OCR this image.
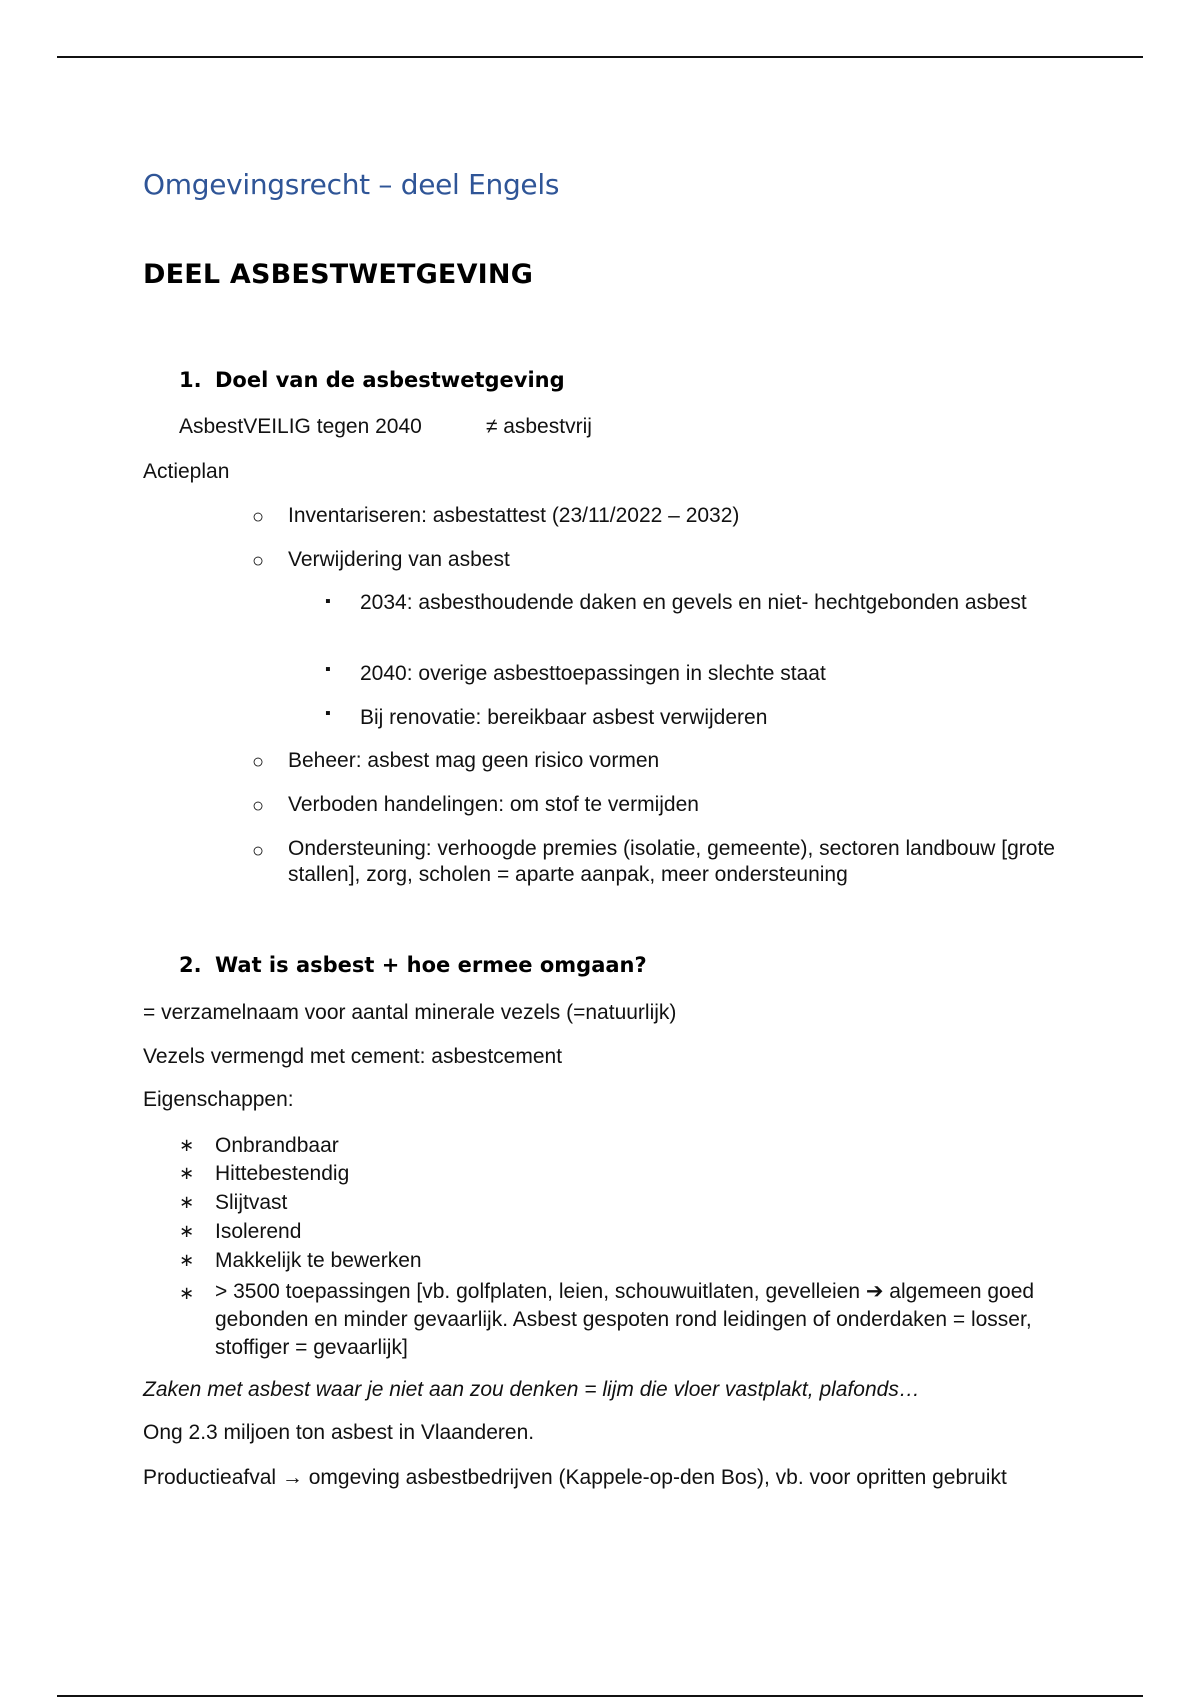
Omgevingsrecht – deel Engels
DEEL ASBESTWETGEVING
1. Doel van de asbestwetgeving
AsbestVEILIG tegen 2040	≠ asbestvrij
Actieplan
○ Inventariseren: asbestattest (23/11/2022 – 2032)
○ Verwijdering van asbest
▪ 2034: asbesthoudende daken en gevels en niet- hechtgebonden asbest
▪ 2040: overige asbesttoepassingen in slechte staat
▪ Bij renovatie: bereikbaar asbest verwijderen
○ Beheer: asbest mag geen risico vormen
○ Verboden handelingen: om stof te vermijden
○ Ondersteuning: verhoogde premies (isolatie, gemeente), sectoren landbouw [grote stallen], zorg, scholen = aparte aanpak, meer ondersteuning
2. Wat is asbest + hoe ermee omgaan?
= verzamelnaam voor aantal minerale vezels (=natuurlijk)
Vezels vermengd met cement: asbestcement
Eigenschappen:
∗ Onbrandbaar
∗ Hittebestendig
∗ Slijtvast
∗ Isolerend
∗ Makkelijk te bewerken
∗ > 3500 toepassingen [vb. golfplaten, leien, schouwuitlaten, gevelleien ➔ algemeen goed gebonden en minder gevaarlijk. Asbest gespoten rond leidingen of onderdaken = losser, stoffiger = gevaarlijk]
Zaken met asbest waar je niet aan zou denken = lijm die vloer vastplakt, plafonds…
Ong 2.3 miljoen ton asbest in Vlaanderen.
Productieafval → omgeving asbestbedrijven (Kappele-op-den Bos), vb. voor opritten gebruikt
